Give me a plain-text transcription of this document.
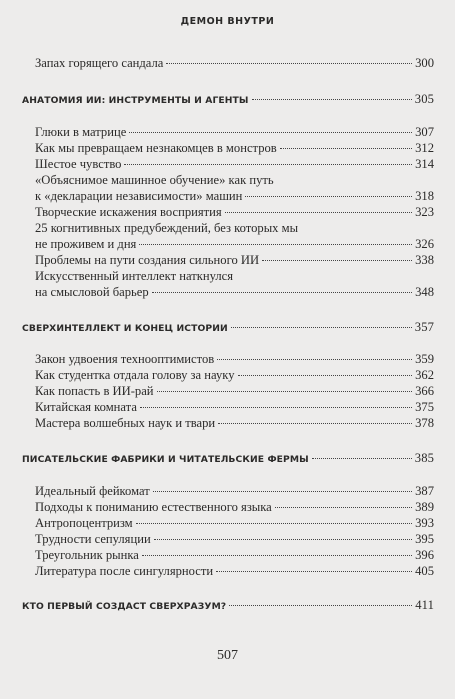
ДЕМОН ВНУТРИ
Запах горящего сандала	300
АНАТОМИЯ ИИ: ИНСТРУМЕНТЫ И АГЕНТЫ	305
Глюки в матрице	307
Как мы превращаем незнакомцев в монстров	312
Шестое чувство	314
«Объяснимое машинное обучение» как путь
к «декларации независимости» машин	318
Творческие искажения восприятия	323
25 когнитивных предубеждений, без которых мы
не проживем и дня	326
Проблемы на пути создания сильного ИИ	338
Искусственный интеллект наткнулся
на смысловой барьер	348
СВЕРХИНТЕЛЛЕКТ И КОНЕЦ ИСТОРИИ	357
Закон удвоения технооптимистов	359
Как студентка отдала голову за науку	362
Как попасть в ИИ-рай	366
Китайская комната	375
Мастера волшебных наук и твари	378
ПИСАТЕЛЬСКИЕ ФАБРИКИ И ЧИТАТЕЛЬСКИЕ ФЕРМЫ	385
Идеальный фейкомат	387
Подходы к пониманию естественного языка	389
Антропоцентризм	393
Трудности сепуляции	395
Треугольник рынка	396
Литература после сингулярности	405
КТО ПЕРВЫЙ СОЗДАСТ СВЕРХРАЗУМ?	411
507
